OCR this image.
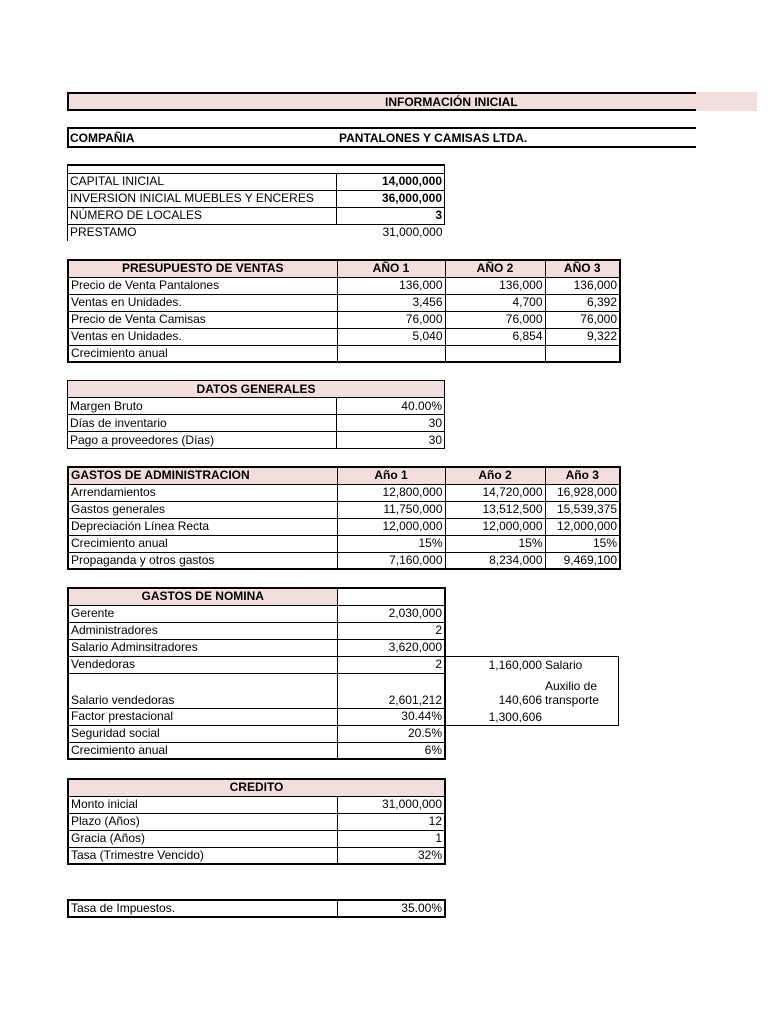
INFORMACIÓN INICIAL
COMPAÑIA	PANTALONES Y CAMISAS LTDA.

CAPITAL INICIAL	14,000,000
INVERSION INICIAL MUEBLES Y ENCERES	36,000,000
NÚMERO DE LOCALES	3
PRESTAMO	31,000,000
PRESUPUESTO DE VENTAS	AÑO 1	AÑO 2	AÑO 3
Precio de Venta Pantalones	136,000	136,000	136,000
Ventas en Unidades.	3,456	4,700	6,392
Precio de Venta Camisas	76,000	76,000	76,000
Ventas en Unidades.	5,040	6,854	9,322
Crecimiento anual			
DATOS GENERALES	
Margen Bruto	40.00%
Días de inventario	30
Pago a proveedores (Días)	30
GASTOS DE ADMINISTRACION	Año 1	Año 2	Año 3
Arrendamientos	12,800,000	14,720,000	16,928,000
Gastos generales	11,750,000	13,512,500	15,539,375
Depreciación Línea Recta	12,000,000	12,000,000	12,000,000
Crecimiento anual	15%	15%	15%
Propaganda y otros gastos	7,160,000	8,234,000	9,469,100
GASTOS DE NOMINA	
Gerente	2,030,000
Administradores	2
Salario Adminsitradores	3,620,000
Vendedoras	2
Salario vendedoras	2,601,212
Factor prestacional	30.44%
Seguridad social	20.5%
Crecimiento anual	6%
1,160,000 Salario
Auxilio de
140,606 transporte
1,300,606
CREDITO	
Monto inicial	31,000,000
Plazo (Años)	12
Gracia (Años)	1
Tasa (Trimestre Vencido)	32%
Tasa de Impuestos.	35.00%
